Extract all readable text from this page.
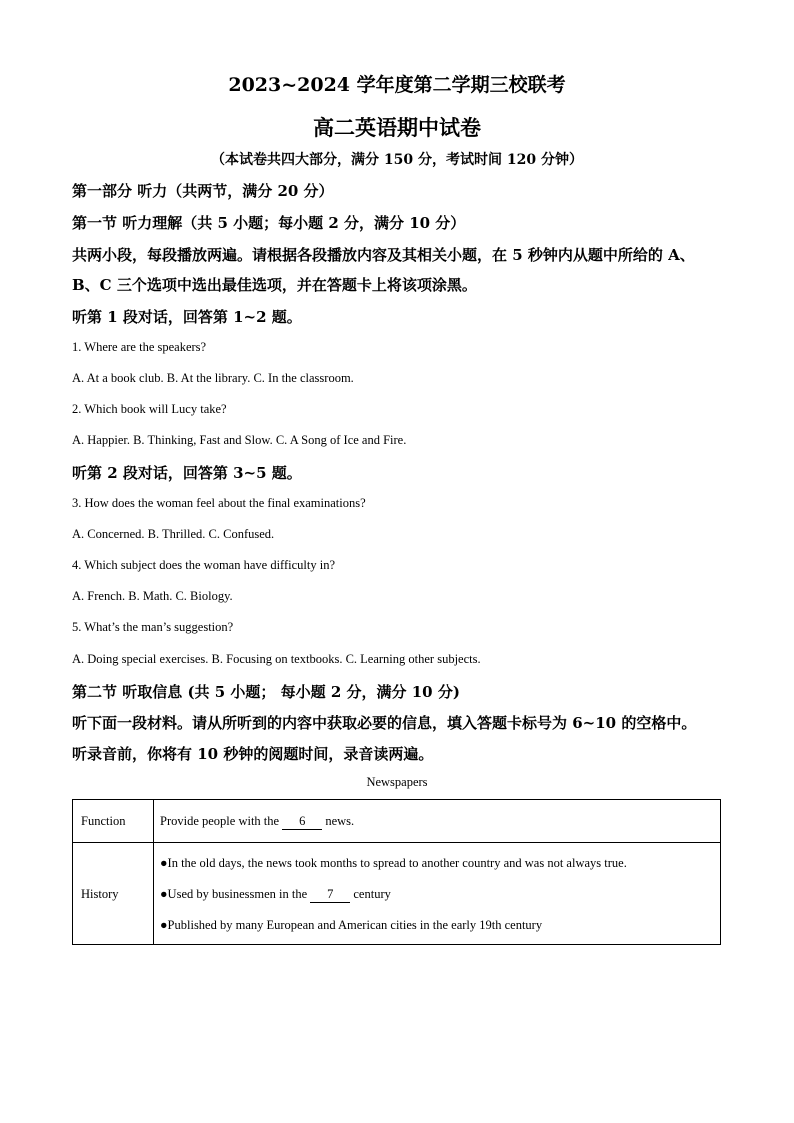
2023~2024 学年度第二学期三校联考
高二英语期中试卷
（本试卷共四大部分，满分 150 分，考试时间 120 分钟）
第一部分 听力（共两节，满分 20 分）
第一节 听力理解（共 5 小题；每小题 2 分，满分 10 分）
共两小段，每段播放两遍。请根据各段播放内容及其相关小题，在 5 秒钟内从题中所给的 A、
B、C 三个选项中选出最佳选项，并在答题卡上将该项涂黑。
听第 1 段对话，回答第 1~2 题。
1. Where are the speakers?
A. At a book club. B. At the library. C. In the classroom.
2. Which book will Lucy take?
A. Happier. B. Thinking, Fast and Slow. C. A Song of Ice and Fire.
听第 2 段对话，回答第 3~5 题。
3. How does the woman feel about the final examinations?
A. Concerned. B. Thrilled. C. Confused.
4. Which subject does the woman have difficulty in?
A. French. B. Math. C. Biology.
5. What’s the man’s suggestion?
A. Doing special exercises. B. Focusing on textbooks. C. Learning other subjects.
第二节 听取信息 (共 5 小题； 每小题 2 分，满分 10 分)
听下面一段材料。请从所听到的内容中获取必要的信息，填入答题卡标号为 6~10 的空格中。
听录音前，你将有 10 秒钟的阅题时间，录音读两遍。
Newspapers
Function	Provide people with the 6 news.
History
●In the old days, the news took months to spread to another country and was not always true.
●Used by businessmen in the 7 century
●Published by many European and American cities in the early 19th century
